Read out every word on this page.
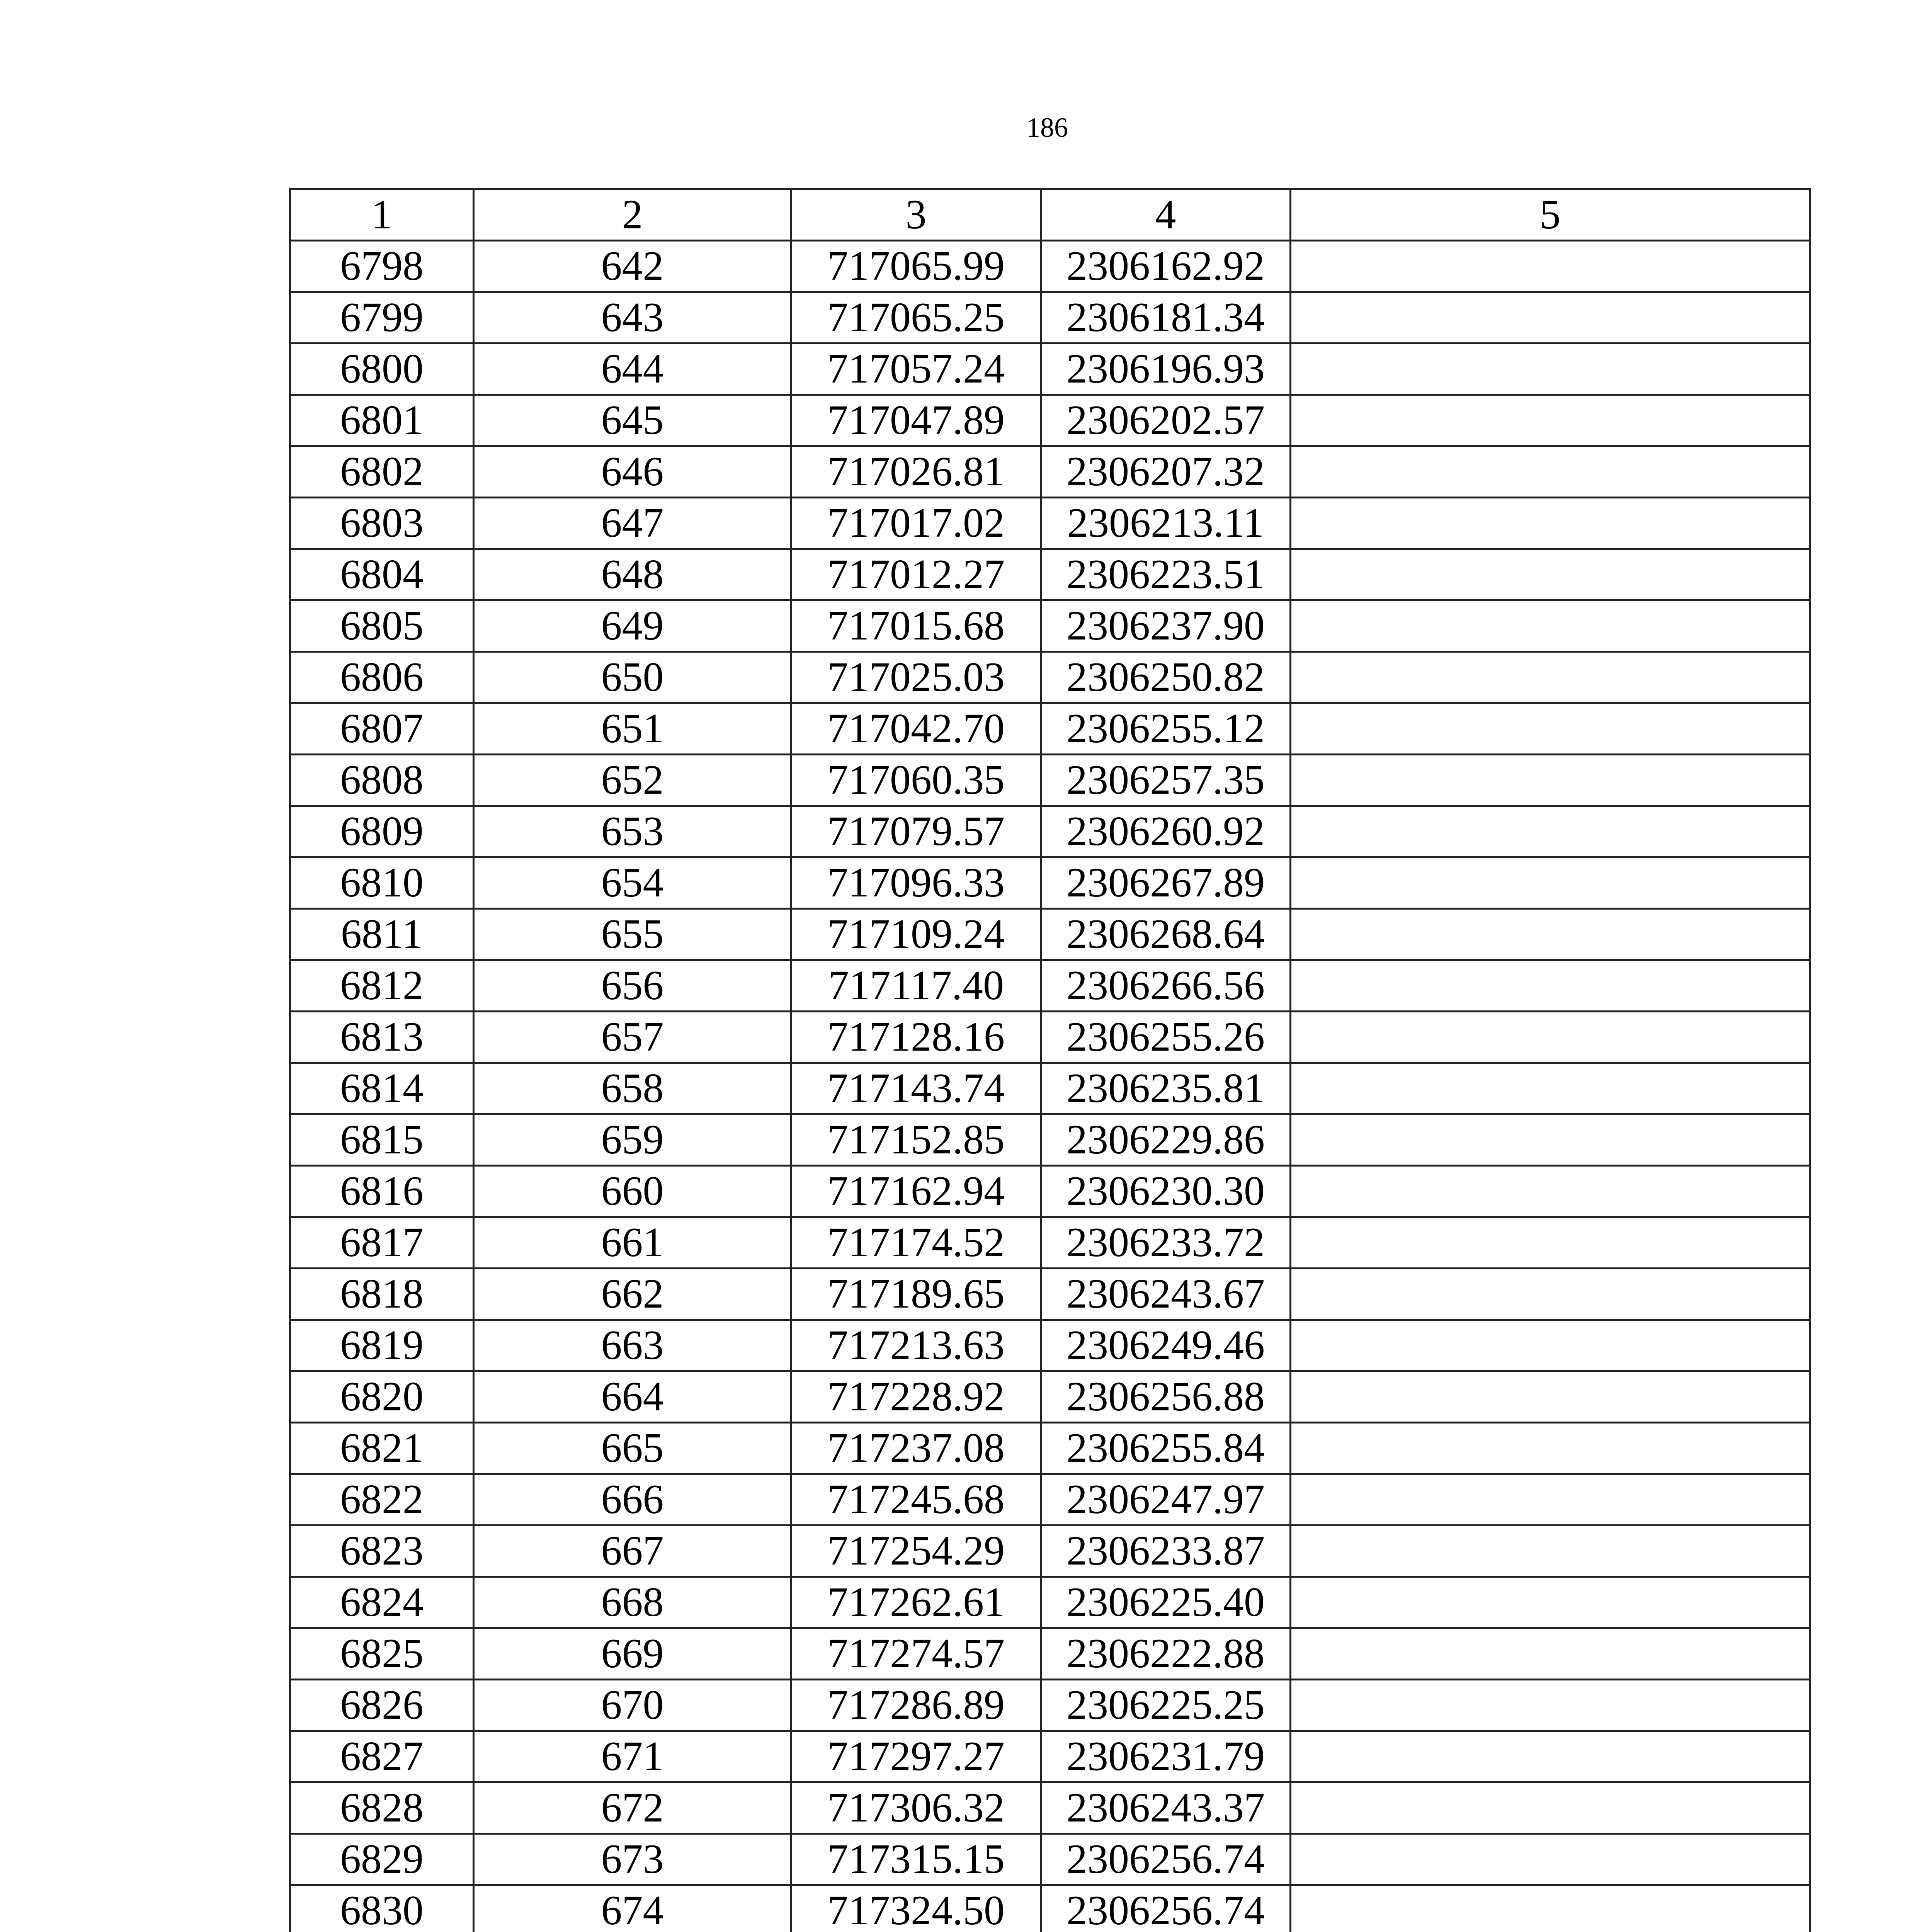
186
1	2	3	4	5
6798	642	717065.99	2306162.92	
6799	643	717065.25	2306181.34	
6800	644	717057.24	2306196.93	
6801	645	717047.89	2306202.57	
6802	646	717026.81	2306207.32	
6803	647	717017.02	2306213.11	
6804	648	717012.27	2306223.51	
6805	649	717015.68	2306237.90	
6806	650	717025.03	2306250.82	
6807	651	717042.70	2306255.12	
6808	652	717060.35	2306257.35	
6809	653	717079.57	2306260.92	
6810	654	717096.33	2306267.89	
6811	655	717109.24	2306268.64	
6812	656	717117.40	2306266.56	
6813	657	717128.16	2306255.26	
6814	658	717143.74	2306235.81	
6815	659	717152.85	2306229.86	
6816	660	717162.94	2306230.30	
6817	661	717174.52	2306233.72	
6818	662	717189.65	2306243.67	
6819	663	717213.63	2306249.46	
6820	664	717228.92	2306256.88	
6821	665	717237.08	2306255.84	
6822	666	717245.68	2306247.97	
6823	667	717254.29	2306233.87	
6824	668	717262.61	2306225.40	
6825	669	717274.57	2306222.88	
6826	670	717286.89	2306225.25	
6827	671	717297.27	2306231.79	
6828	672	717306.32	2306243.37	
6829	673	717315.15	2306256.74	
6830	674	717324.50	2306256.74	
